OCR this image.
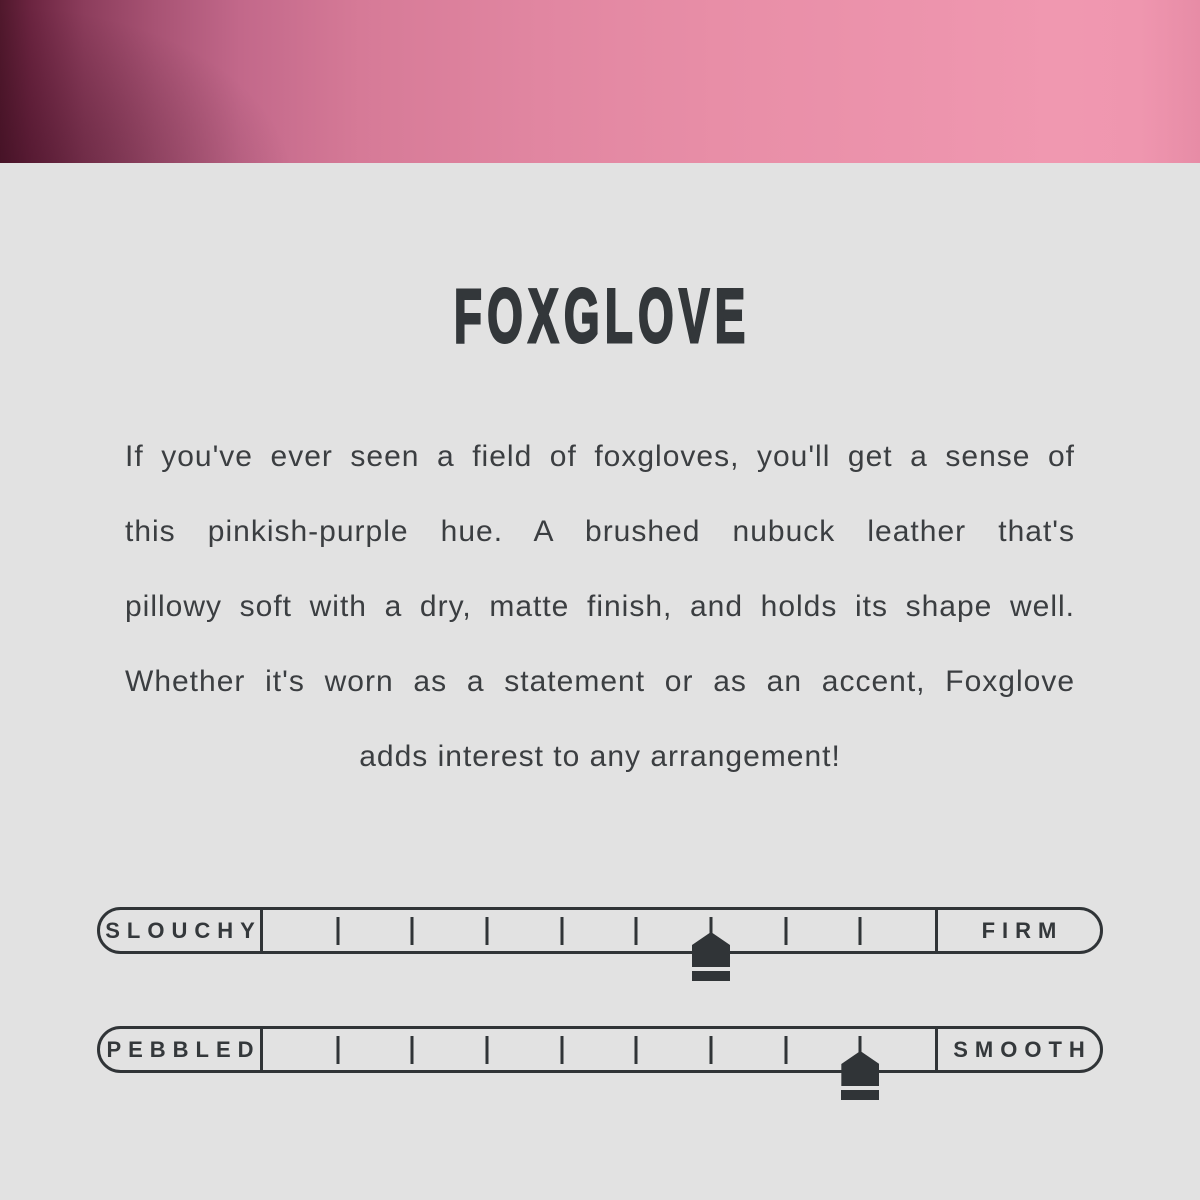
FOXGLOVE

If you've ever seen a field of foxgloves, you'll get a sense of

this pinkish-purple hue. A brushed nubuck leather that's

pillowy soft with a dry, matte finish, and holds its shape well.

Whether it's worn as a statement or as an accent, Foxglove

adds interest to any arrangement!

SLOUCHY	FIRM
PEBBLED	SMOOTH
